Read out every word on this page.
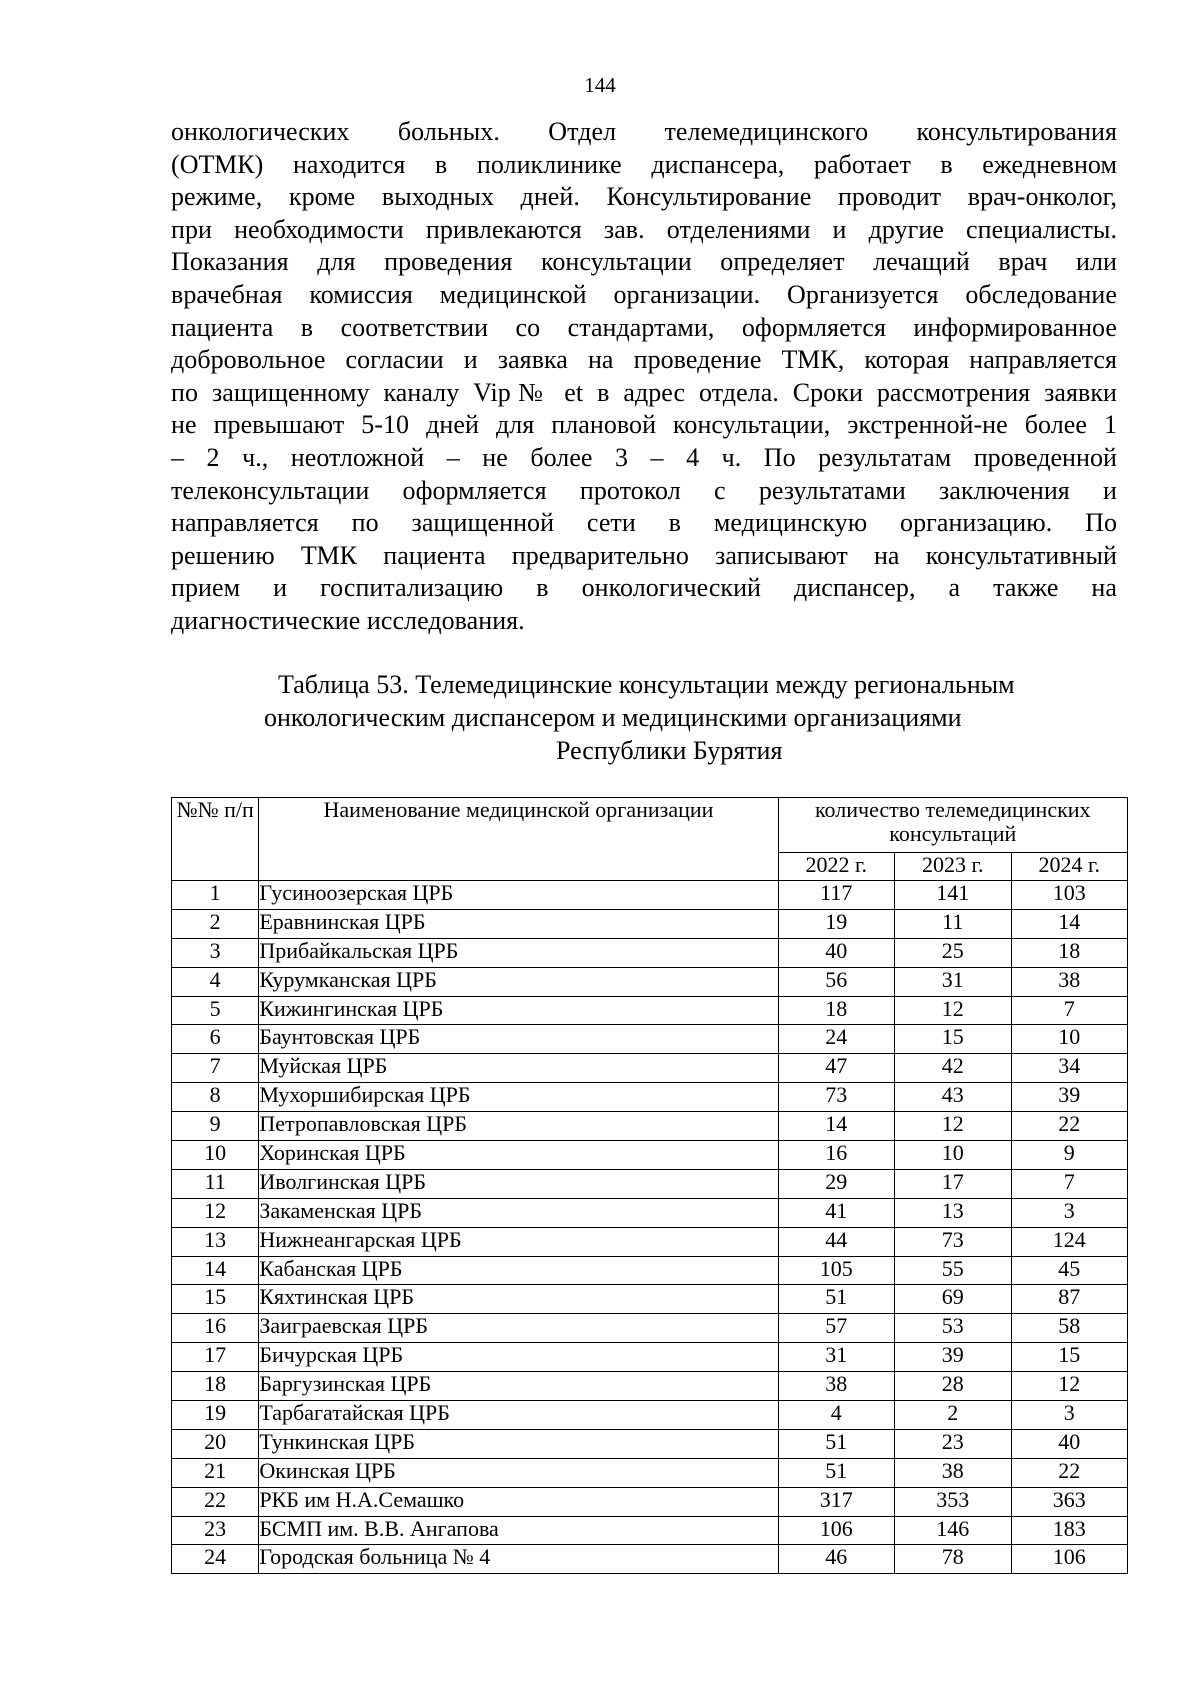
144
онкологических больных. Отдел телемедицинского консультирования
(ОТМК) находится в поликлинике диспансера, работает в ежедневном
режиме, кроме выходных дней. Консультирование проводит врач-онколог,
при необходимости привлекаются зав. отделениями и другие специалисты.
Показания для проведения консультации определяет лечащий врач или
врачебная комиссия медицинской организации. Организуется обследование
пациента в соответствии со стандартами, оформляется информированное
добровольное согласии и заявка на проведение ТМК, которая направляется
по защищенному каналу Vip№ et в адрес отдела. Сроки рассмотрения заявки
не превышают 5-10 дней для плановой консультации, экстренной-не более 1
– 2 ч., неотложной – не более 3 – 4 ч. По результатам проведенной
телеконсультации оформляется протокол с результатами заключения и
направляется по защищенной сети в медицинскую организацию. По
решению ТМК пациента предварительно записывают на консультативный
прием и госпитализацию в онкологический диспансер, а также на
диагностические исследования.
Таблица 53. Телемедицинские консультации между региональным
онкологическим диспансером и медицинскими организациями
Республики Бурятия
№№ п/п	Наименование медицинской организации	количество телемедицинских консультаций		
		2022 г.	2023 г.	2024 г.
1	Гусиноозерская ЦРБ	117	141	103
2	Еравнинская ЦРБ	19	11	14
3	Прибайкальская ЦРБ	40	25	18
4	Курумканская ЦРБ	56	31	38
5	Кижингинская ЦРБ	18	12	7
6	Баунтовская ЦРБ	24	15	10
7	Муйская ЦРБ	47	42	34
8	Мухоршибирская ЦРБ	73	43	39
9	Петропавловская ЦРБ	14	12	22
10	Хоринская ЦРБ	16	10	9
11	Иволгинская ЦРБ	29	17	7
12	Закаменская ЦРБ	41	13	3
13	Нижнеангарская ЦРБ	44	73	124
14	Кабанская ЦРБ	105	55	45
15	Кяхтинская ЦРБ	51	69	87
16	Заиграевская ЦРБ	57	53	58
17	Бичурская ЦРБ	31	39	15
18	Баргузинская ЦРБ	38	28	12
19	Тарбагатайская ЦРБ	4	2	3
20	Тункинская ЦРБ	51	23	40
21	Окинская ЦРБ	51	38	22
22	РКБ им Н.А.Семашко	317	353	363
23	БСМП им. В.В. Ангапова	106	146	183
24	Городская больница № 4	46	78	106
